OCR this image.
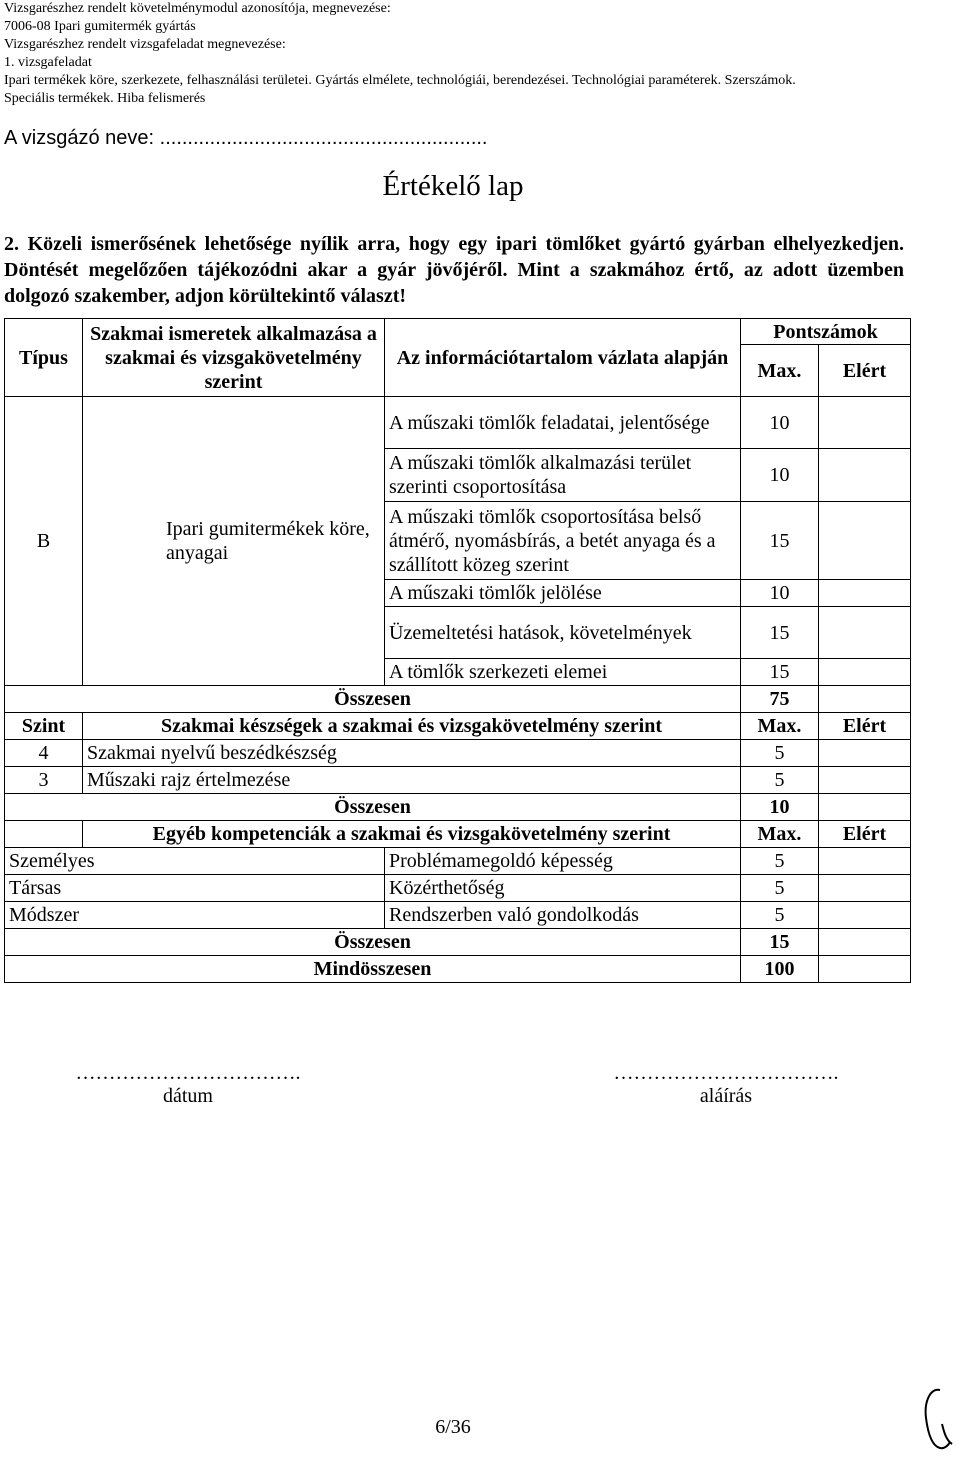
Vizsgarészhez rendelt követelménymodul azonosítója, megnevezése:
7006-08 Ipari gumitermék gyártás
Vizsgarészhez rendelt vizsgafeladat megnevezése:
1. vizsgafeladat
Ipari termékek köre, szerkezete, felhasználási területei. Gyártás elmélete, technológiái, berendezései. Technológiai paraméterek. Szerszámok.
Speciális termékek. Hiba felismerés
A vizsgázó neve: ...........................................................
Értékelő lap
2. Közeli ismerősének lehetősége nyílik arra, hogy egy ipari tömlőket gyártó gyárban elhelyezkedjen. Döntését megelőzően tájékozódni akar a gyár jövőjéről. Mint a szakmához értő, az adott üzemben dolgozó szakember, adjon körültekintő választ!
Típus	Szakmai ismeretek alkalmazása a szakmai és vizsgakövetelmény szerint	Az információtartalom vázlata alapján	Pontszámok	
			Max.	Elért
B	Ipari gumitermékek köre, anyagai	A műszaki tömlők feladatai, jelentősége	10	
		A műszaki tömlők alkalmazási terület szerinti csoportosítása	10	
		A műszaki tömlők csoportosítása belső átmérő, nyomásbírás, a betét anyaga és a szállított közeg szerint	15	
		A műszaki tömlők jelölése	10	
		Üzemeltetési hatások, követelmények	15	
		A tömlők szerkezeti elemei	15	
Összesen			75	
Szint	Szakmai készségek a szakmai és vizsgakövetelmény szerint		Max.	Elért
4	Szakmai nyelvű beszédkészség		5	
3	Műszaki rajz értelmezése		5	
Összesen			10	
	Egyéb kompetenciák a szakmai és vizsgakövetelmény szerint		Max.	Elért
Személyes		Problémamegoldó képesség	5	
Társas		Közérthetőség	5	
Módszer		Rendszerben való gondolkodás	5	
Összesen			15	
Mindösszesen			100	
…………………………….
dátum
…………………………….
aláírás
6/36
